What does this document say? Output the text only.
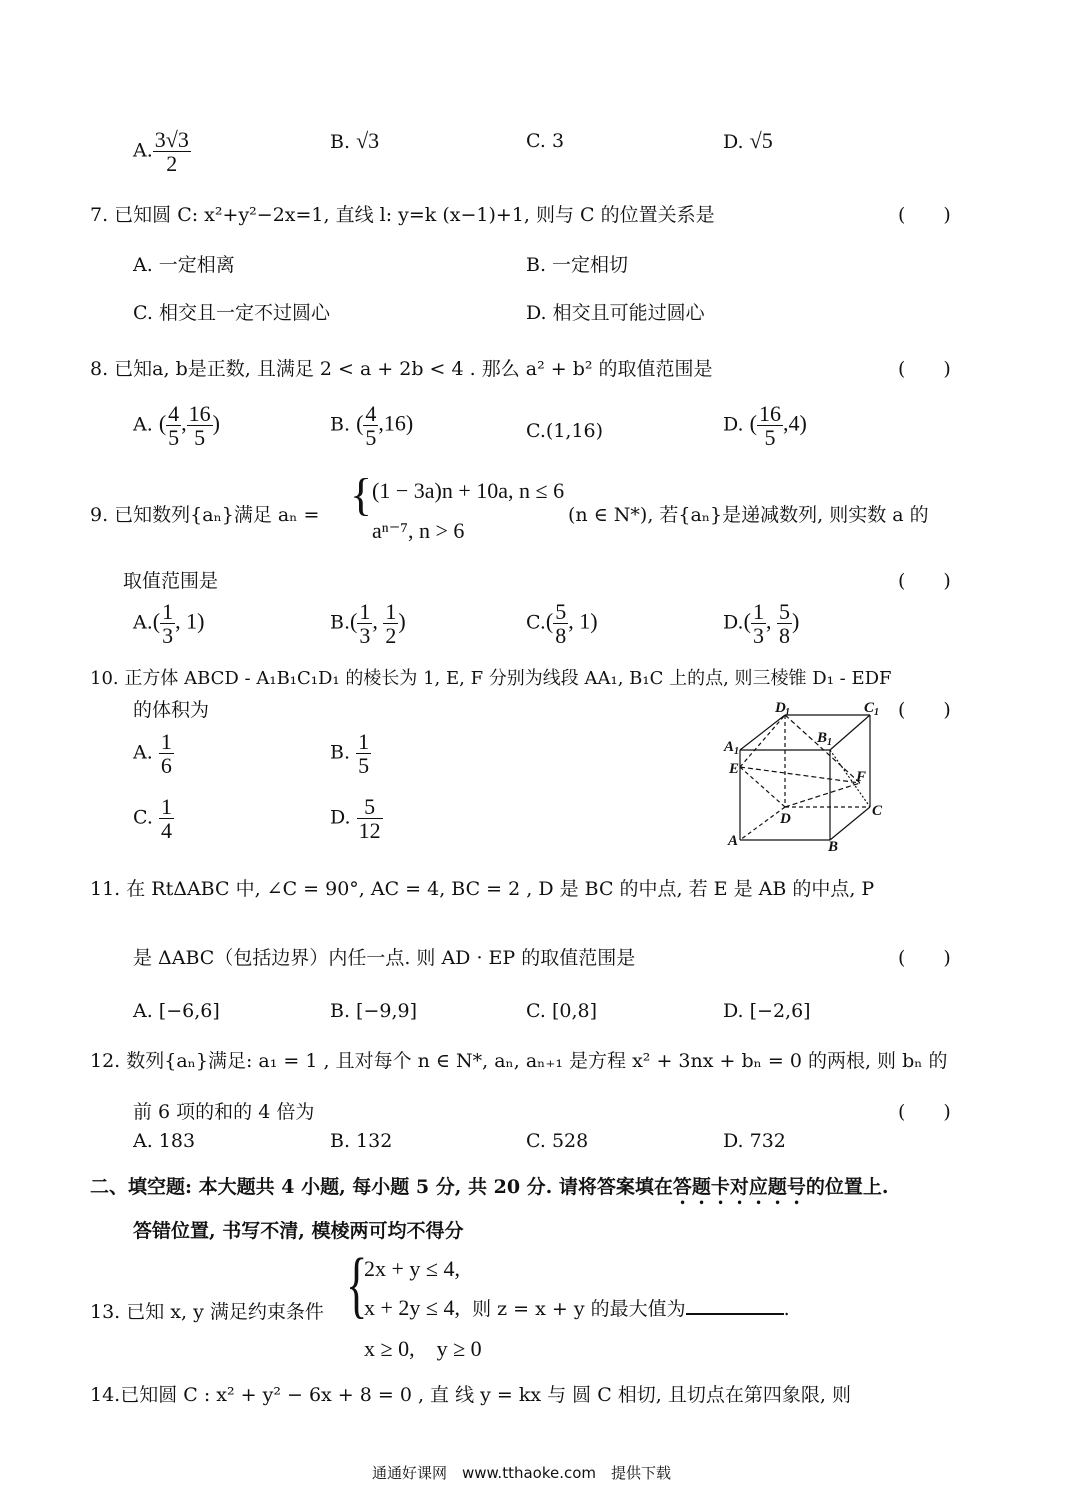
A. $\frac{3√3}{2}$	B. √3	C. 3	D. √5
7. 已知圆 C: x²+y²−2x=1, 直线 l: y=k (x−1)+1, 则与 C 的位置关系是	(　　)
A. 一定相离	B. 一定相切
C. 相交且一定不过圆心	D. 相交且可能过圆心
8. 已知a, b是正数, 且满足 2 < a + 2b < 4 . 那么 a² + b² 的取值范围是	(　　)
A. ( $\frac{4}{5}$ , $\frac{16}{5}$ )	B. ( $\frac{4}{5} ,16$)	C.(1,16)	D. ( $\frac{16}{5} ,4$)
9. 已知数列{aₙ}满足 aₙ = { (1 − 3a)n + 10a, n ≤ 6
aⁿ⁻⁷, n > 6
(n ∈ N*), 若{aₙ}是递减数列, 则实数 a 的
取值范围是	(　　)
$A.( \frac{1}{3}$ , 1)	$B.( \frac{1}{3}$ , $\frac{1}{2}$ )	$C.( \frac{5}{8}$ , 1)	$D.( \frac{1}{3}$ , $\frac{5}{8}$ )
10. 正方体 ABCD - A₁B₁C₁D₁ 的棱长为 1, E, F 分别为线段 AA₁, B₁C 上的点, 则三棱锥 D₁ - EDF
的体积为	(　　)
A. $\frac{1}{6}$	B. $\frac{1}{5}$
C. $\frac{1}{4}$	D. $\frac{5}{12}$
D 1	C 1
A 1
B 1
E	F
D	C
A	B
11. 在 RtΔABC 中, ∠C = 90°, AC = 4, BC = 2 , D 是 BC 的中点, 若 E 是 AB 的中点, P
是 ΔABC（包括边界）内任一点. 则 AD · EP 的取值范围是	(　　)
A. [−6,6]	B. [−9,9]	C. [0,8]	D. [−2,6]
12. 数列{aₙ}满足: a₁ = 1 , 且对每个 n ∈ N*, aₙ, aₙ₊₁ 是方程 x² + 3nx + bₙ = 0 的两根, 则 bₙ 的
前 6 项的和的 4 倍为	(　　)
A. 183	B. 132	C. 528	D. 732
二、填空题: 本大题共 4 小题, 每小题 5 分, 共 20 分. 请将答案填在答题卡对应题号的位置上.
答错位置, 书写不清, 模棱两可均不得分
13. 已知 x, y 满足约束条件 {
2x + y ≤ 4,
x + 2y ≤ 4, 则 z = x + y 的最大值为	.
x ≥ 0,　y ≥ 0
14.已知圆 C : x² + y² − 6x + 8 = 0 , 直 线 y = kx 与 圆 C 相切, 且切点在第四象限, 则
通通好课网　www.tthaoke.com　提供下载
